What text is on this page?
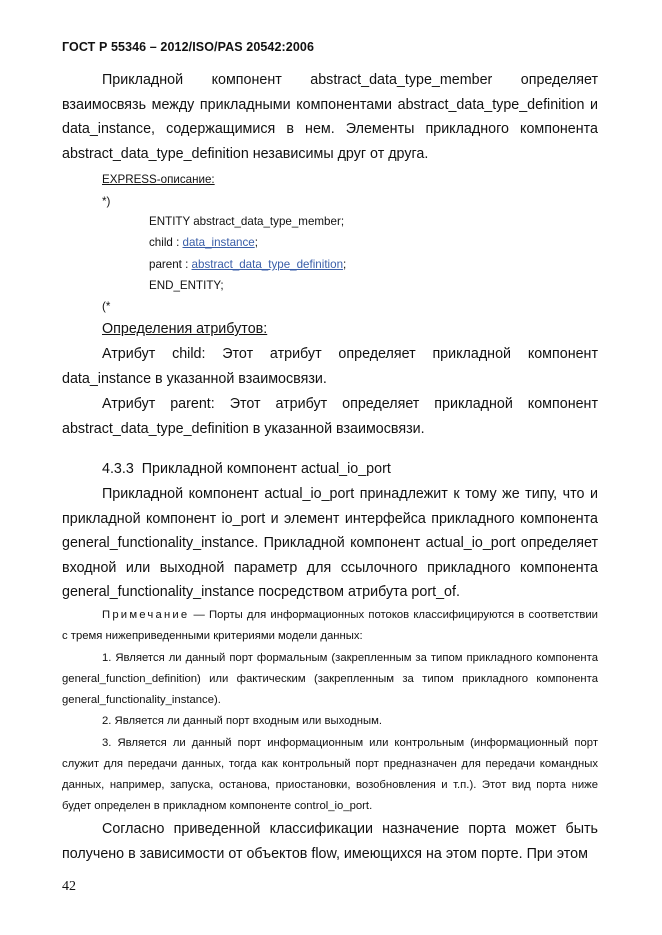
ГОСТ Р 55346 – 2012/ISO/PAS 20542:2006
Прикладной компонент abstract_data_type_member определяет
взаимосвязь между прикладными компонентами abstract_data_type_definition и data_instance, содержащимися в нем. Элементы прикладного компонента abstract_data_type_definition независимы друг от друга.
EXPRESS-описание:
*)
ENTITY abstract_data_type_member;
child : data_instance;
parent : abstract_data_type_definition;
END_ENTITY;
(*
Определения атрибутов:
Атрибут child: Этот атрибут определяет прикладной компонент
data_instance в указанной взаимосвязи.
Атрибут parent: Этот атрибут определяет прикладной компонент
abstract_data_type_definition в указанной взаимосвязи.
4.3.3 Прикладной компонент actual_io_port
Прикладной компонент actual_io_port принадлежит к тому же типу, что и прикладной компонент io_port и элемент интерфейса прикладного компонента general_functionality_instance. Прикладной компонент actual_io_port определяет входной или выходной параметр для ссылочного прикладного компонента general_functionality_instance посредством атрибута port_of.
Примечание — Порты для информационных потоков классифицируются в соответствии с тремя нижеприведенными критериями модели данных:
1. Является ли данный порт формальным (закрепленным за типом прикладного компонента general_function_definition) или фактическим (закрепленным за типом прикладного компонента general_functionality_instance).
2. Является ли данный порт входным или выходным.
3. Является ли данный порт информационным или контрольным (информационный порт служит для передачи данных, тогда как контрольный порт предназначен для передачи командных данных, например, запуска, останова, приостановки, возобновления и т.п.). Этот вид порта ниже будет определен в прикладном компоненте control_io_port.
Согласно приведенной классификации назначение порта может быть получено в зависимости от объектов flow, имеющихся на этом порте. При этом
42
